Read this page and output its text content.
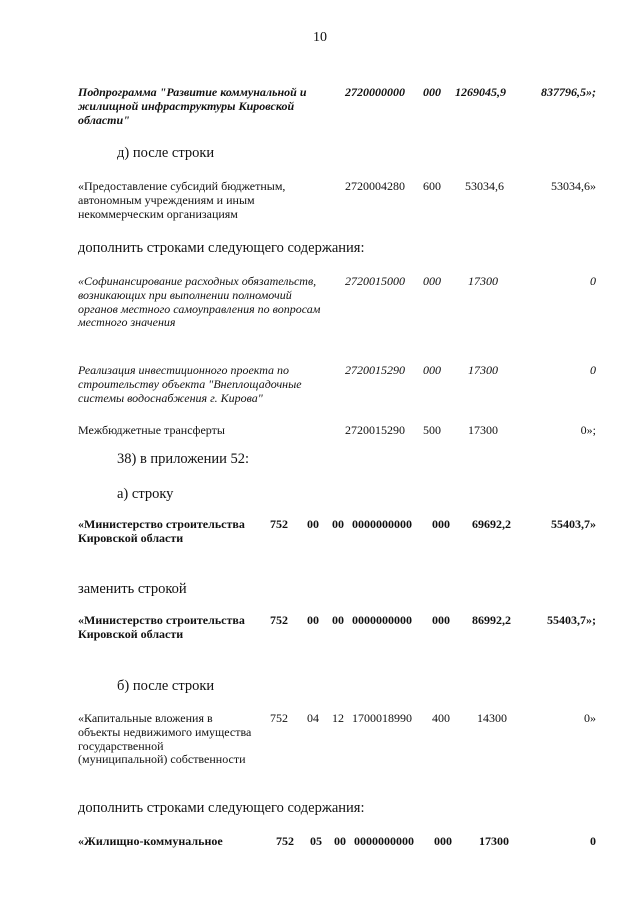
10

Подпрограмма "Развитие коммунальной и жилищной инфраструктуры Кировской области"

2720000000 000 1269045,9	837796,5»;

д) после строки

«Предоставление субсидий бюджетным, автономным учреждениям и иным некоммерческим организациям

2720004280 600 53034,6	53034,6»

дополнить строками следующего содержания:

«Софинансирование расходных обязательств, возникающих при выполнении полномочий органов местного самоуправления по вопросам местного значения

2720015000 000 17300	0

Реализация инвестиционного проекта по строительству объекта "Внеплощадочные системы водоснабжения г. Кирова"

2720015290 000 17300	0

Межбюджетные трансферты	2720015290 500 17300	0»;

38) в приложении 52:

а) строку

«Министерство строительства Кировской области

752 00 00 0000000000 000 69692,2	55403,7»

заменить строкой

«Министерство строительства Кировской области

752 00 00 0000000000 000 86992,2	55403,7»;

б) после строки

«Капитальные вложения в объекты недвижимого имущества государственной (муниципальной) собственности

752 04 12 1700018990 400 14300	0»

дополнить строками следующего содержания:

«Жилищно-коммунальное	752 05 00 0000000000 000 17300	0
